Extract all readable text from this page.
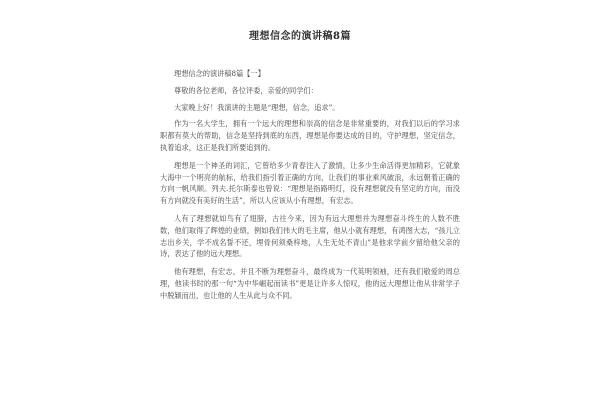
理想信念的演讲稿8篇

理想信念的演讲稿8篇【一】

尊敬的各位老师，各位评委，亲爱的同学们：

大家晚上好！我演讲的主题是“理想，信念，追求”。

作为一名大学生，拥有一个远大的理想和崇高的信念是非常重要的，对我们以后的学习求职都有莫大的帮助，信念是坚持到底的东西，理想是你要达成的目的，守护理想，坚定信念，执着追求，这正是我们所要追到的。

理想是一个神圣的词汇，它曾给多少青春注入了激情，让多少生命活得更加精彩，它就象大海中一个明亮的航标，给我们指引着正确的方向，让我们的事业乘风破浪，永远朝着正确的方向一帆风顺。列夫.托尔斯泰也曾说：“理想是指路明灯，没有理想就没有坚定的方向，而没有方向就没有美好的生活”，所以人应该从小有理想，有宏志。

人有了理想就如鸟有了翅膀，古往今来，因为有远大理想并为理想奋斗终生的人数不胜数，他们取得了辉煌的业绩，例如我们伟大的毛主席，他从小就有理想，有鸿图大志，“孩儿立志出乡关，学不成名誓不还，埋骨何须桑梓地，人生无处不青山”是他求学前夕留给他父亲的诗，表达了他的远大理想。

他有理想，有宏志，并且不断为理想奋斗，最终成为一代英明领袖，还有我们敬爱的周总理，他读书时的那一句“为中华崛起而读书”更是让许多人惊叹，他的远大理想让他从非常学子中脱颖而出，也让他的人生从此与众不同。
